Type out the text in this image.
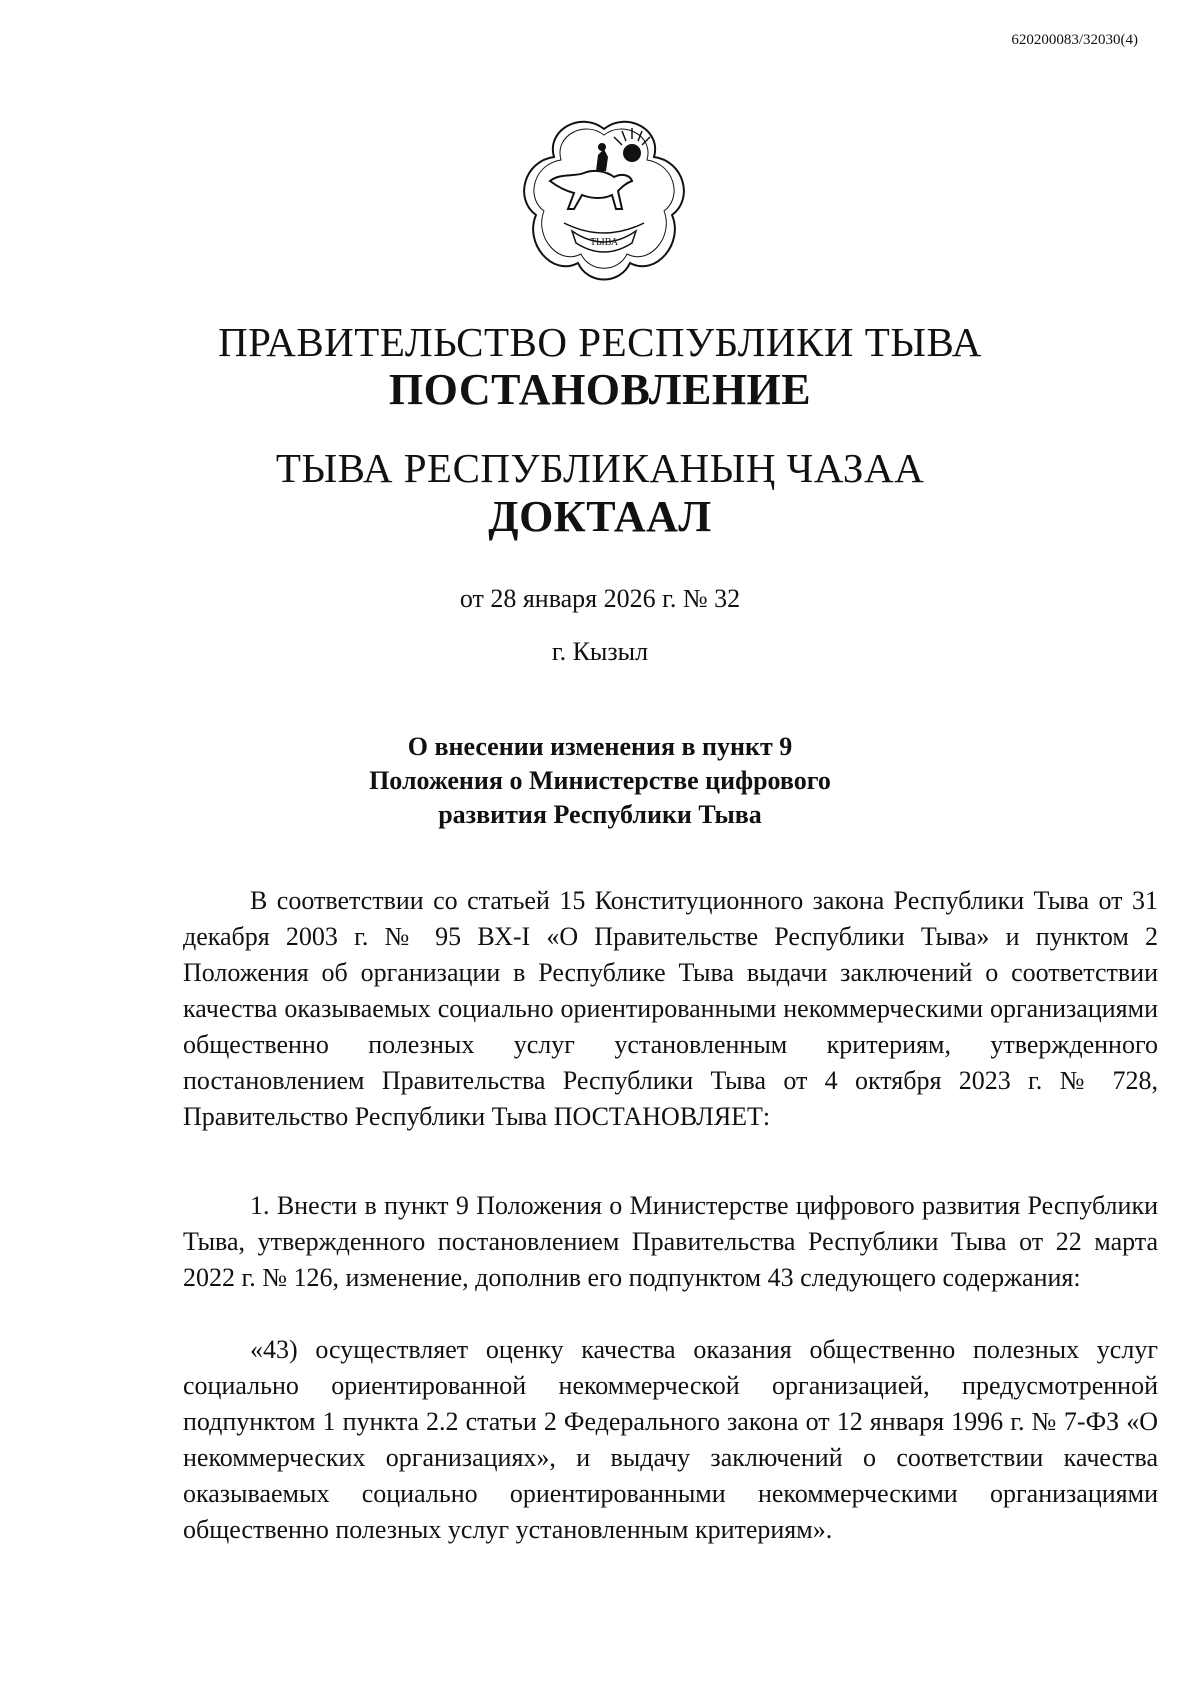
620200083/32030(4)
ТЫВА
ПРАВИТЕЛЬСТВО РЕСПУБЛИКИ ТЫВА
ПОСТАНОВЛЕНИЕ
ТЫВА РЕСПУБЛИКАНЫҢ ЧАЗАА
ДОКТААЛ
от 28 января 2026 г. № 32
г. Кызыл
О внесении изменения в пункт 9
Положения о Министерстве цифрового
развития Республики Тыва

В соответствии со статьей 15 Конституционного закона Республики Тыва от 31 декабря 2003 г. № 95 ВХ-I «О Правительстве Республики Тыва» и пунктом 2 Положения об организации в Республике Тыва выдачи заключений о соответствии качества оказываемых социально ориентированными некоммерческими организациями общественно полезных услуг установленным критериям, утвержденного постановлением Правительства Республики Тыва от 4 октября 2023 г. № 728, Правительство Республики Тыва ПОСТАНОВЛЯЕТ:

1. Внести в пункт 9 Положения о Министерстве цифрового развития Республики Тыва, утвержденного постановлением Правительства Республики Тыва от 22 марта 2022 г. № 126, изменение, дополнив его подпунктом 43 следующего содержания:

«43) осуществляет оценку качества оказания общественно полезных услуг социально ориентированной некоммерческой организацией, предусмотренной подпунктом 1 пункта 2.2 статьи 2 Федерального закона от 12 января 1996 г. № 7-ФЗ «О некоммерческих организациях», и выдачу заключений о соответствии качества оказываемых социально ориентированными некоммерческими организациями общественно полезных услуг установленным критериям».
